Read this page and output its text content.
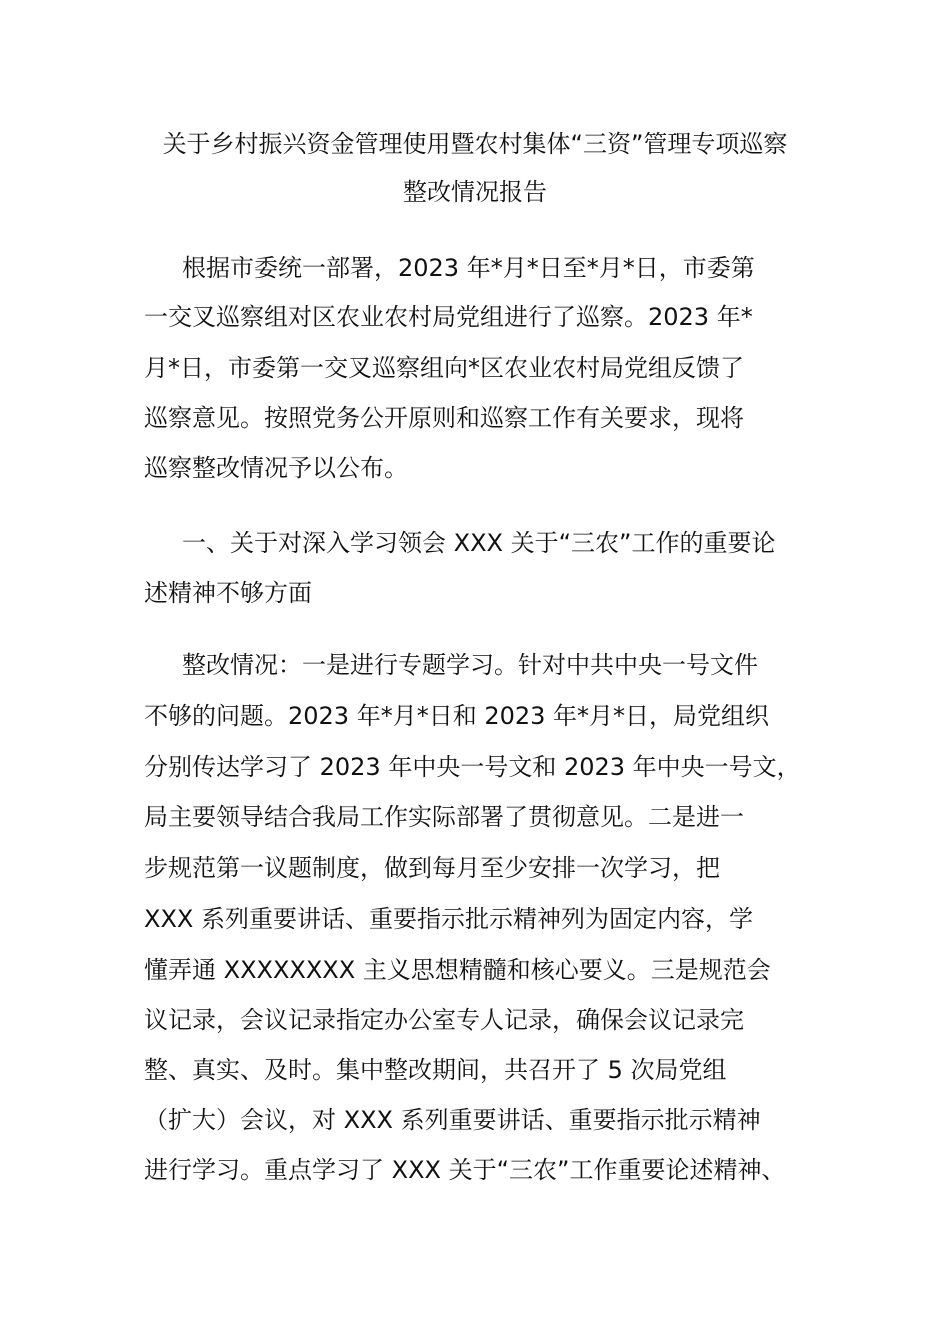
关于乡村振兴资金管理使用暨农村集体“三资”管理专项巡察
整改情况报告
根据市委统一部署，2023 年*月*日至*月*日，市委第
一交叉巡察组对区农业农村局党组进行了巡察。2023 年*
月*日，市委第一交叉巡察组向*区农业农村局党组反馈了
巡察意见。按照党务公开原则和巡察工作有关要求，现将
巡察整改情况予以公布。
一、关于对深入学习领会 XXX 关于“三农”工作的重要论
述精神不够方面
整改情况：一是进行专题学习。针对中共中央一号文件
不够的问题。2023 年*月*日和 2023 年*月*日，局党组织
分别传达学习了 2023 年中央一号文和 2023 年中央一号文，
局主要领导结合我局工作实际部署了贯彻意见。二是进一
步规范第一议题制度，做到每月至少安排一次学习，把
XXX 系列重要讲话、重要指示批示精神列为固定内容，学
懂弄通 XXXXXXXX 主义思想精髓和核心要义。三是规范会
议记录，会议记录指定办公室专人记录，确保会议记录完
整、真实、及时。集中整改期间，共召开了 5 次局党组
（扩大）会议，对 XXX 系列重要讲话、重要指示批示精神
进行学习。重点学习了 XXX 关于“三农”工作重要论述精神、
